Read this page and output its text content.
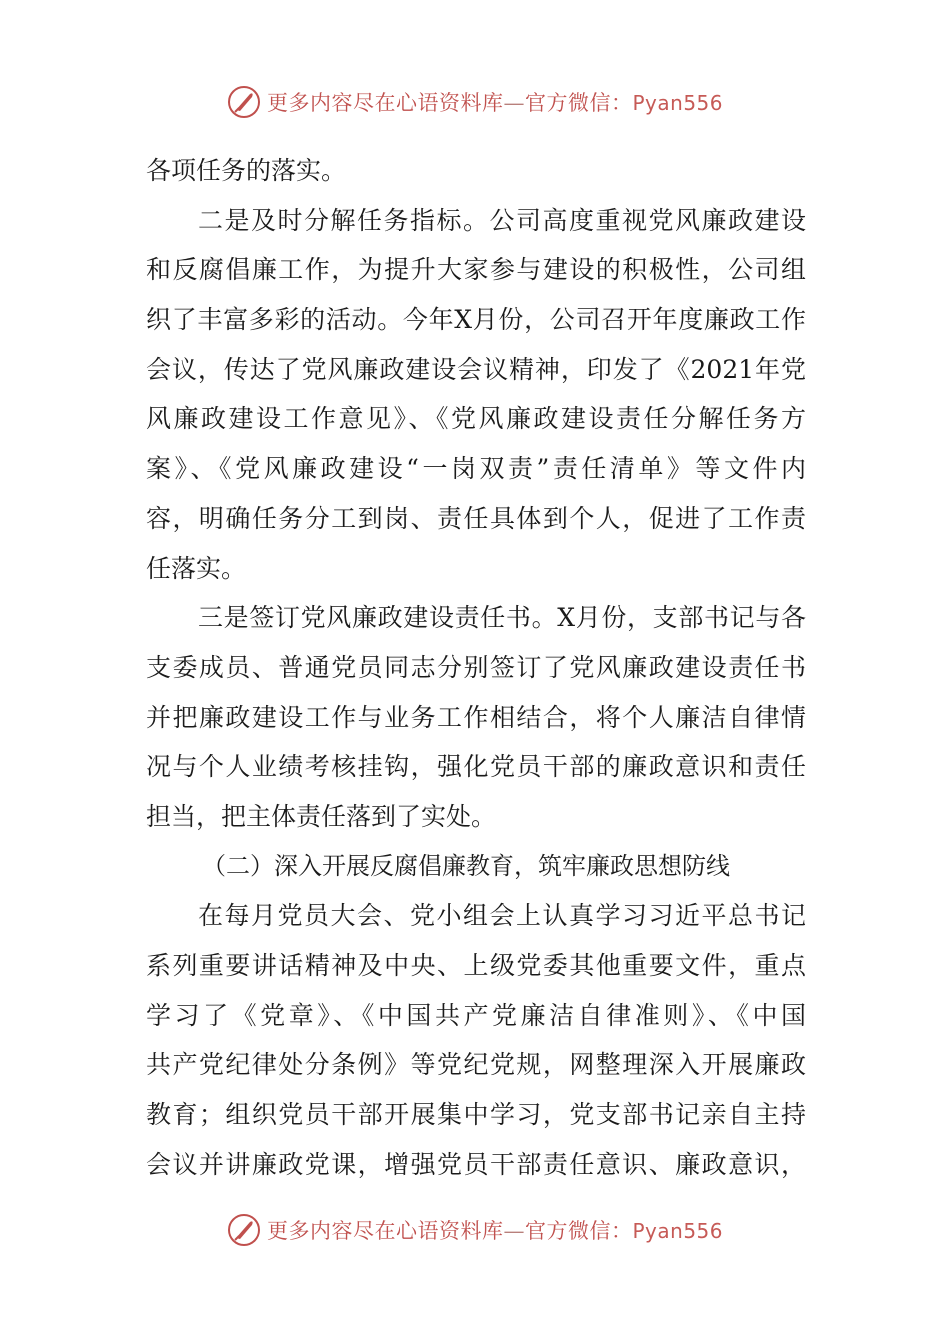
更多内容尽在心语资料库—官方微信：Pyan556
各项任务的落实。
二是及时分解任务指标。公司高度重视党风廉政建设
和反腐倡廉工作，为提升大家参与建设的积极性，公司组
织了丰富多彩的活动。今年X月份，公司召开年度廉政工作
会议，传达了党风廉政建设会议精神，印发了《2021年党
风廉政建设工作意见》、《党风廉政建设责任分解任务方
案》、《党风廉政建设“一岗双责”责任清单》等文件内
容，明确任务分工到岗、责任具体到个人，促进了工作责
任落实。
三是签订党风廉政建设责任书。X月份，支部书记与各
支委成员、普通党员同志分别签订了党风廉政建设责任书
并把廉政建设工作与业务工作相结合，将个人廉洁自律情
况与个人业绩考核挂钩，强化党员干部的廉政意识和责任
担当，把主体责任落到了实处。
（二）深入开展反腐倡廉教育，筑牢廉政思想防线
在每月党员大会、党小组会上认真学习习近平总书记
系列重要讲话精神及中央、上级党委其他重要文件，重点
学习了《党章》、《中国共产党廉洁自律准则》、《中国
共产党纪律处分条例》等党纪党规，网整理深入开展廉政
教育；组织党员干部开展集中学习，党支部书记亲自主持
会议并讲廉政党课，增强党员干部责任意识、廉政意识，
更多内容尽在心语资料库—官方微信：Pyan556
